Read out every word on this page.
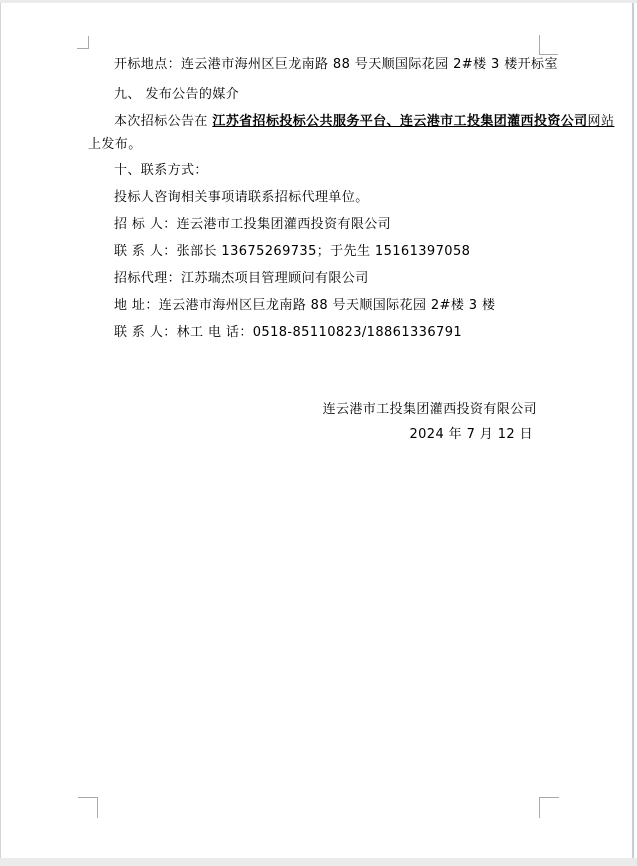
连云港市工投集团灌西投资有限公司
2024 年 7 月 12 日
开标地点：连云港市海州区巨龙南路 88 号天顺国际花园 2#楼 3 楼开标室
九、 发布公告的媒介
本次招标公告在 江苏省招标投标公共服务平台、连云港市工投集团灌西投资公司网站
上发布。
十、联系方式：
投标人咨询相关事项请联系招标代理单位。
招 标 人：连云港市工投集团灌西投资有限公司
联 系 人：张部长 13675269735；于先生 15161397058
招标代理：江苏瑞杰项目管理顾问有限公司
地 址：连云港市海州区巨龙南路 88 号天顺国际花园 2#楼 3 楼
联 系 人：林工 电 话：0518-85110823/18861336791
